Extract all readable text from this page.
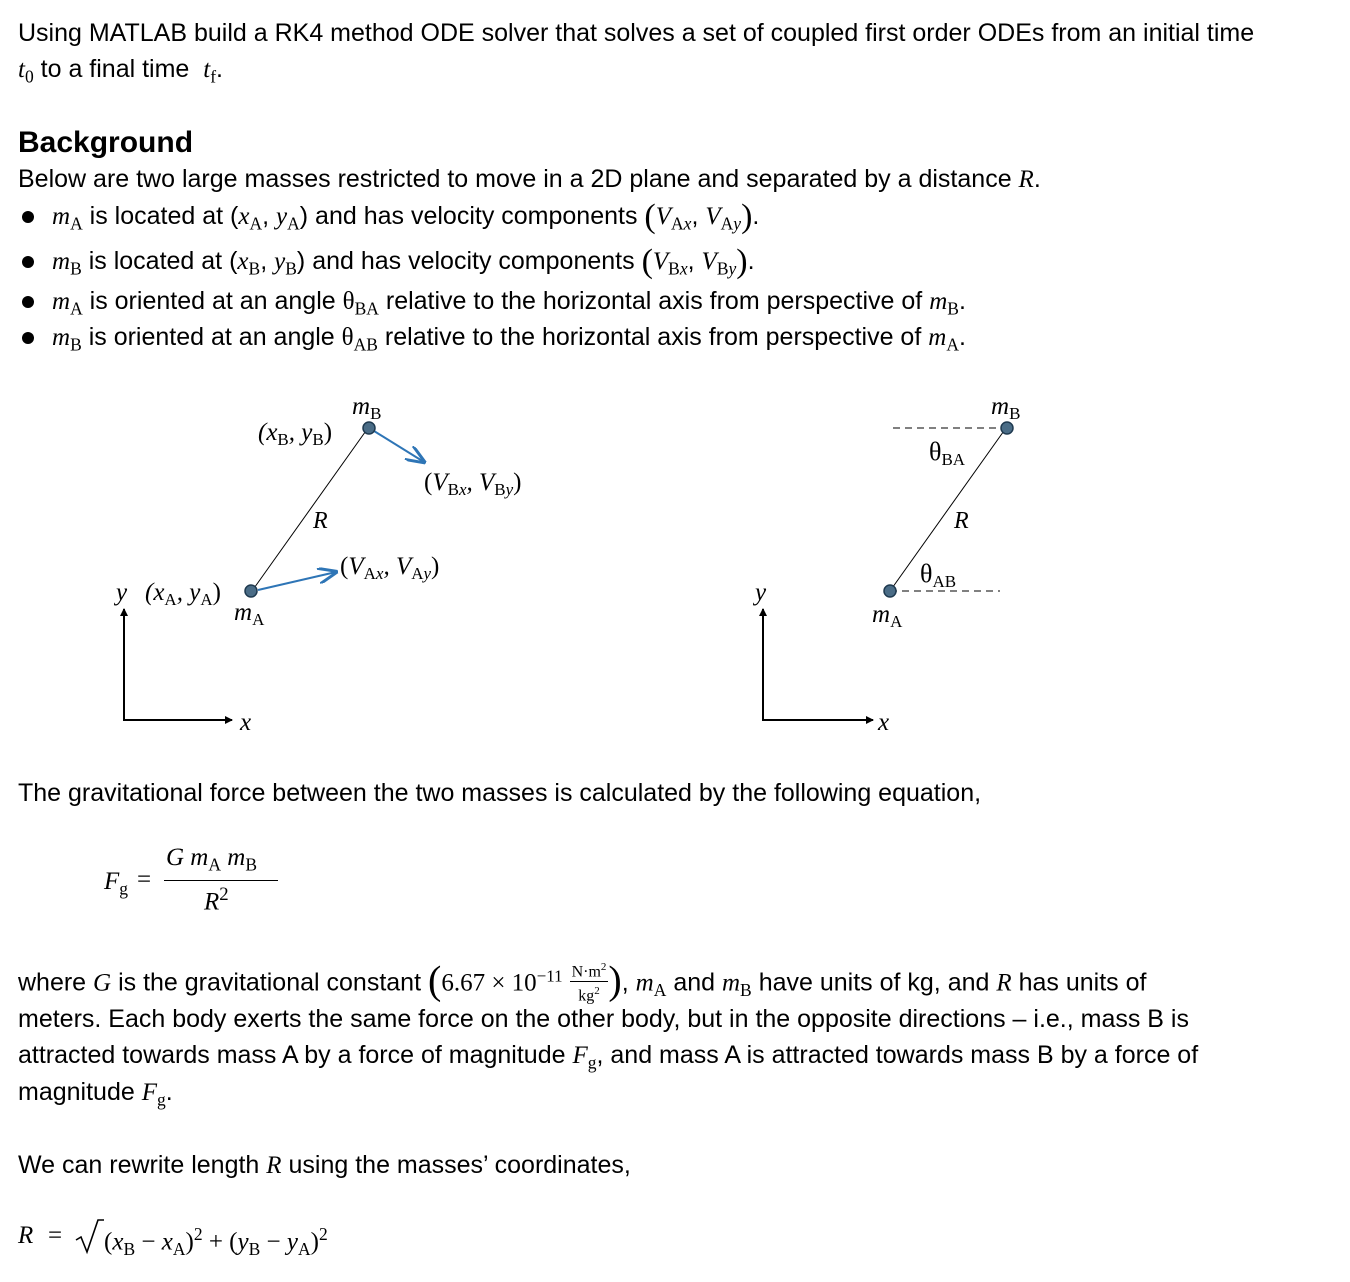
Using MATLAB build a RK4 method ODE solver that solves a set of coupled first order ODEs from an initial time
$t_0$ to a final time $t_f$.
Background
Below are two large masses restricted to move in a 2D plane and separated by a distance R.
$m_A$ is located at ($x_A$, $y_A$) and has velocity components ($V_{Ax}$, $V_{Ay}$).
$m_B$ is located at ($x_B$, $y_B$) and has velocity components ($V_{Bx}$, $V_{By}$).
$m_A$ is oriented at an angle $\theta_{BA}$ relative to the horizontal axis from perspective of $m_B$.
$m_B$ is oriented at an angle $\theta_{AB}$ relative to the horizontal axis from perspective of $m_A$.
y
x
R
$m_B$
($x_B$, $y_B$)
($x_A$, $y_A$)
$m_A$
($V_Ax$, $V_Ay$)
($V_Bx$, $V_By$)
y
x
$m_B$
θBA
R
θAB
$m_A$
The gravitational force between the two masses is calculated by the following equation,
$F_g$ =
G $m_A$ $m_B$
$R^2$
where G is the gravitational constant ($6.67 \times 10^{-11} \frac{N\cdot m^2}{kg^2}$ ), $m_A$ and $m_B$ have units of kg, and R has units of
meters. Each body exerts the same force on the other body, but in the opposite directions – i.e., mass B is
attracted towards mass A by a force of magnitude $F_g$, and mass A is attracted towards mass B by a force of
magnitude $F_g$.
We can rewrite length R using the masses’ coordinates,
$R = (x_B - x_A)^2 + (y_B - y_A)^2$
